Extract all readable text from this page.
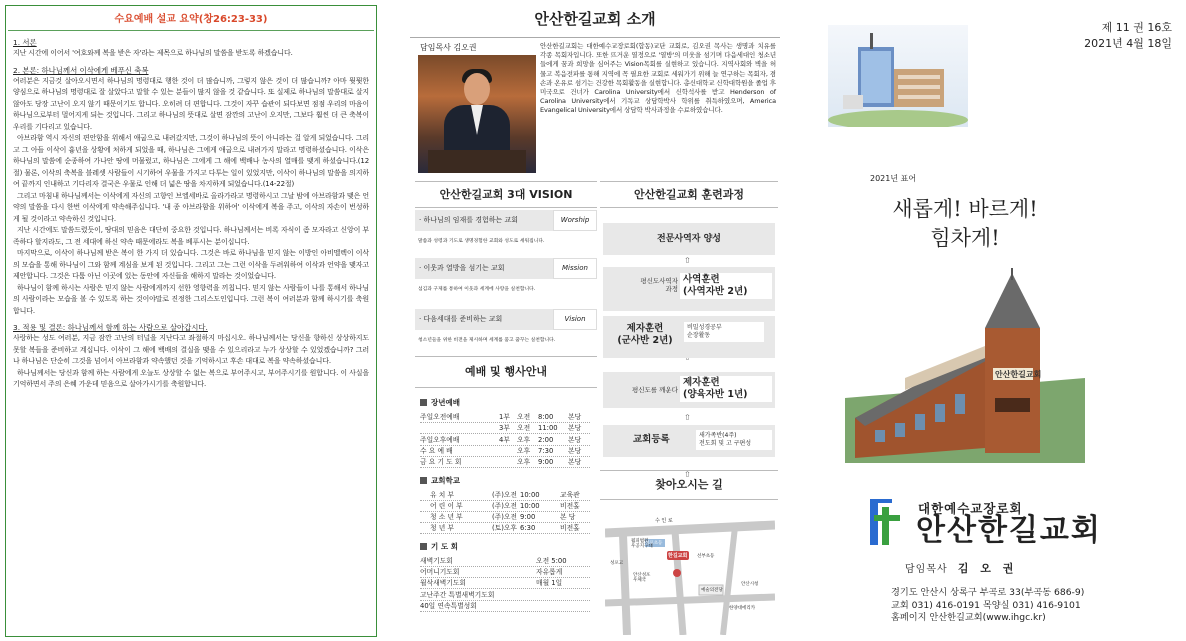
수요예배 설교 요약(창26:23-33)
1. 서론
지난 시간에 이어서 '여호와께 복을 받은 자'라는 제목으로 하나님의 말씀을 받도록 하겠습니다.
2. 본론: 하나님께서 이삭에게 베푸신 축복
여러분은 지금것 살아오시면서 하나님의 명령대로 행한 것이 더 많습니까, 그렇지 않은 것이 더 많습니까? 아마 뭣뭣한 양심으로 하나님의 명령대로 잘 살았다고 말할 수 있는 분들이 많지 않을 것 같습니다. 또 실제로 하나님의 말씀대로 살지 않아도 당장 고난이 오지 않기 때문이기도 합니다. 오히려 더 편합니다. 그것이 자꾸 습관이 되다보면 점점 우리의 마음이 하나님으로부터 멀어지게 되는 것입니다. 그리고 하나님의 뜻대로 살면 잠깐의 고난이 오지만, 그보다 훨씬 더 큰 축복이 우리를 기다리고 있습니다.
아브라함 역시 자신의 편안함을 위해서 애굽으로 내려갔지만, 그것이 하나님의 뜻이 아니라는 걸 알게 되었습니다. 그리고 그 아들 이삭이 흉년을 상황에 처하게 되었을 때, 하나님은 그에게 애굽으로 내려가지 말라고 명령하셨습니다. 이삭은 하나님의 말씀에 순종하여 가나안 땅에 머물렀고, 하나님은 그에게 그 해에 백배나 농사의 열매를 맺게 하셨습니다.(12절) 물론, 이삭의 축복을 블레셋 사람들이 시기하여 우물을 가지고 다투는 일이 있었지만, 이삭이 하나님의 말씀을 의지하여 끝까지 인내하고 기다리자 결국은 우물로 인해 더 넓은 땅을 차지하게 되었습니다.(14-22절)
그리고 마침내 하나님께서는 이삭에게 자신의 고향인 브엘세바로 올라가라고 명령하시고 그날 밤에 아브라함과 맺은 언약의 말씀을 다시 한번 이삭에게 약속해주십니다. '내 종 아브라함을 위하여' 이삭에게 복을 주고, 이삭의 자손이 번성하게 될 것이라고 약속하신 것입니다.
지난 시간에도 말씀드렸듯이, 땅대의 믿음은 대단히 중요한 것입니다. 하나님께서는 비록 자식이 좀 모자라고 신앙이 부족하다 할지라도, 그 전 세대에 하신 약속 때문에라도 복을 베푸시는 분이십니다.
마지막으로, 이삭이 하나님께 받은 복이 한 가지 더 있습니다. 그것은 바로 하나님을 믿지 않는 이방인 아비멜렉이 이삭의 모습을 통해 하나님이 그와 함께 계심을 보게 된 것입니다. 그리고 그는 그런 이삭을 두려워하여 이삭과 언약을 맺자고 제안합니다. 그것은 다툼 아닌 이곳에 있는 동안에 자신들을 해하지 말라는 것이었습니다.
하나님이 함께 하시는 사람은 믿지 않는 사람에게까지 선한 영향력을 끼칩니다. 믿지 않는 사람들이 나를 통해서 하나님의 사람이라는 모습을 볼 수 있도록 하는 것이야말로 진정한 그리스도인입니다. 그런 복이 여러분과 함께 하시기를 축원합니다.
3. 적용 및 결론: 하나님께서 함께 하는 사람으로 살아갑시다.
사랑하는 성도 여러분, 지금 잠깐 고난의 터널을 지난다고 좌절하지 마십시오. 하나님께서는 당신을 향하신 상상하지도 못할 복들을 준비하고 계십니다. 이삭이 그 해에 백배의 결실을 맺을 수 있으리라고 누가 상상할 수 있었겠습니까? 그러나 하나님은 단순히 그것을 넘어서 아브라함과 약속했던 것을 기억하시고 후손 대대로 복을 약속하셨습니다.
하나님께서는 당신과 함께 하는 사람에게 오늘도 상상할 수 없는 복으로 부어주시고, 부어주시기를 원합니다. 이 사실을 기억하면서 주의 은혜 가운데 믿음으로 살아가시기를 축원합니다.
안산한길교회 소개
담임목사 김오권	안산한길교회는 대한예수교장로회(합동)교단 교회로, 김오권 목사는 생명과 치유를 각종 목회자입니다. 또한 뜨거운 열정으로 '열방'의 미웃을 섬기며 다음세대인 청소년들에게 꿈과 희망을 심어주는 Vision목회를 실현하고 있습니다. 지역사회와 벽을 허물고 복음전파를 통해 지역에 꼭 필요한 교회로 세워가기 위해 늘 연구하는 목회자, 겸손과 온유로 섬기는 건강한 목회활동을 실현합니다. 총신대학교 신학대학원을 졸업 후 미국으로 건너가 Carolina University에서 신학석사를 받고 Henderson of Carolina University에서 기독교 상담학박사 학위를 취득하였으며, America Evangelical University에서 상담학 박사과정을 수료하였습니다.
안산한길교회 3대 VISION
· 하나님의 임재를 경험하는 교회	Worship
말씀과 성령과 기도로 생명경험한 교회와 성도로 세워집니다.
· 이웃과 열방을 섬기는 교회	Mission
섬김과 구제를 통하여 이웃과 세계에 사랑을 실천합니다.
· 다음세대를 준비하는 교회	Vision
청소년들을 위한 비전을 제시하며 세계를 품고 꿈꾸는 실천합니다.
안산한길교회 훈련과정
전문사역자 양성
⇧
⇧
⇧
평신도사역자
과정
사역훈련
(사역자반 2년)
제자훈련
(군사반 2년)
비밀성경공부
순장활동
평신도를 깨운다
제자훈련
(양육자반 1년)
교회등록	새가족반(4주)
전도회 및 고 구편성
예배 및 행사안내
장년예배
주일오전예배	1부 오전 8:00 본당
3부 오전 11:00 본당
주일오후예배	4부 오후 2:00 본당
수 요 예 배	오후 7:30 본당
금 요 기 도 회	오후 9:00 본당
교회학교
유 치 부	(주)오전 10:00	교육관
어 린 이 부	(주)오전 10:00	비전홀
청 소 년 부	(주)오전 9:00	본 당
청 년 부	(토)오후 6:30	비전홀
기 도 회
새벽기도회	오전 5:00
어머니기도회	자유롭게
월삭새벽기도회	매월 1일
고난주간 특별새벽기도회
40일 연속특별성회
찾아오시는 길
수 인 로
월피법원
우공지구대
성포초등
안산성포
우체국
한길교회
성포고
예술의전당
선부초등
한양대에리카
안산시청
제 11 권 16호
2021년 4월 18일
2021년 표어
새롭게! 바르게!
힘차게!
안산한길교회
대한예수교장로회
안산한길교회
담임목사 김 오 권
경기도 안산시 상록구 부곡로 33(부곡동 686-9)
교회 031) 416-0191 목양실 031) 416-9101
홈페이지 안산한길교회(www.ihgc.kr)
